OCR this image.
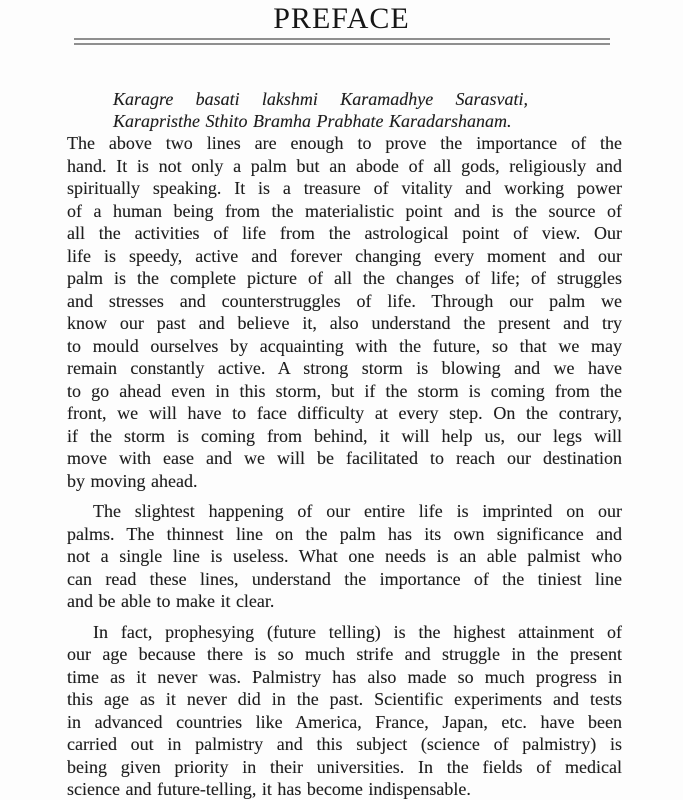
PREFACE
Karagre basati lakshmi Karamadhye Sarasvati,
Karapristhe Sthito Bramha Prabhate Karadarshanam.
The above two lines are enough to prove the importance of the
hand. It is not only a palm but an abode of all gods, religiously and
spiritually speaking. It is a treasure of vitality and working power
of a human being from the materialistic point and is the source of
all the activities of life from the astrological point of view. Our
life is speedy, active and forever changing every moment and our
palm is the complete picture of all the changes of life; of struggles
and stresses and counterstruggles of life. Through our palm we
know our past and believe it, also understand the present and try
to mould ourselves by acquainting with the future, so that we may
remain constantly active. A strong storm is blowing and we have
to go ahead even in this storm, but if the storm is coming from the
front, we will have to face difficulty at every step. On the contrary,
if the storm is coming from behind, it will help us, our legs will
move with ease and we will be facilitated to reach our destination
by moving ahead.
The slightest happening of our entire life is imprinted on our
palms. The thinnest line on the palm has its own significance and
not a single line is useless. What one needs is an able palmist who
can read these lines, understand the importance of the tiniest line
and be able to make it clear.
In fact, prophesying (future telling) is the highest attainment of
our age because there is so much strife and struggle in the present
time as it never was. Palmistry has also made so much progress in
this age as it never did in the past. Scientific experiments and tests
in advanced countries like America, France, Japan, etc. have been
carried out in palmistry and this subject (science of palmistry) is
being given priority in their universities. In the fields of medical
science and future-telling, it has become indispensable.
